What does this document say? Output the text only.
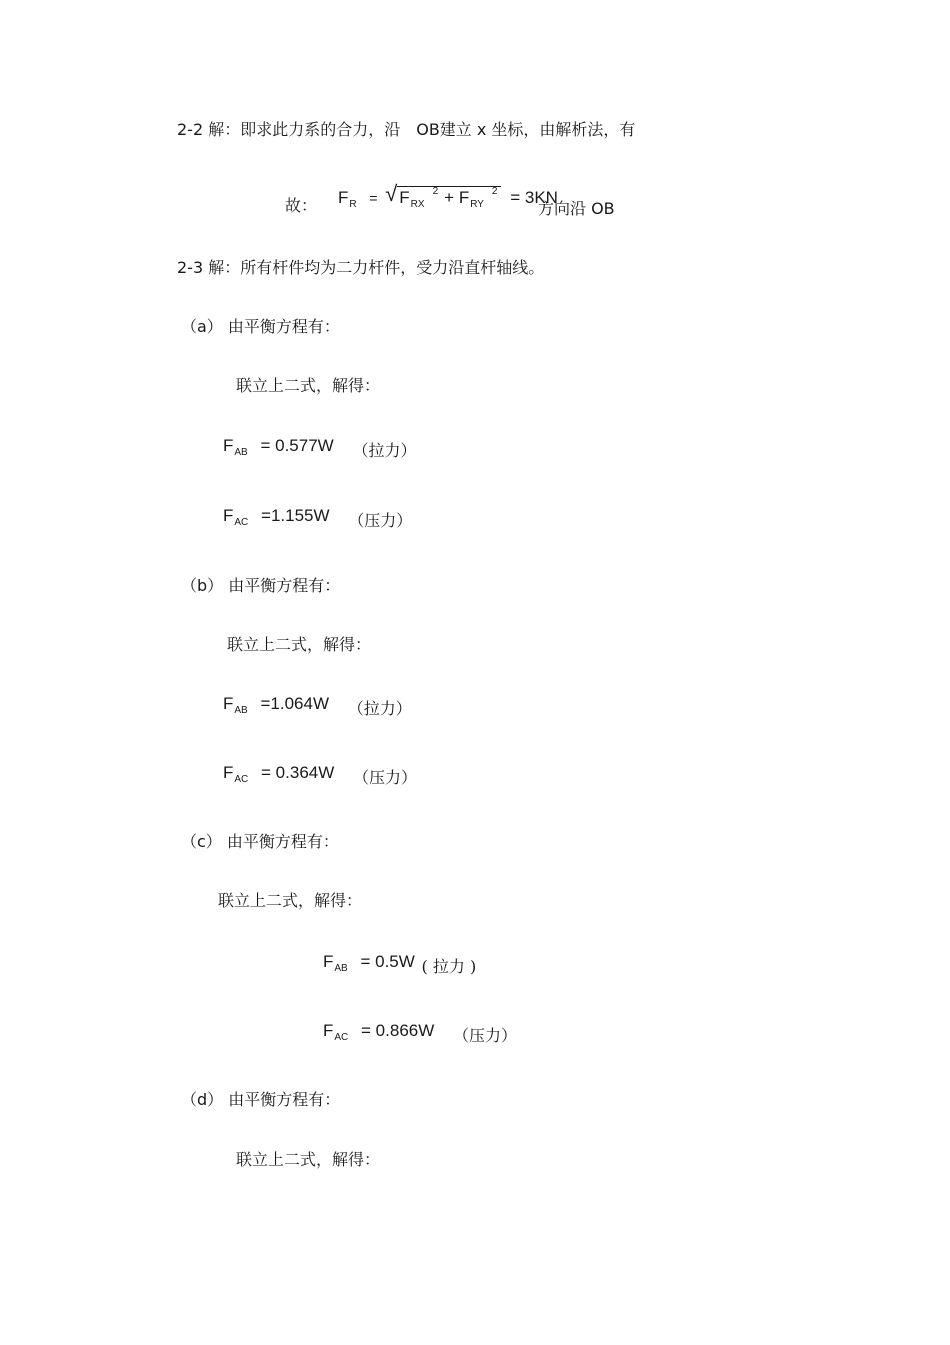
2-2 解：即求此力系的合力，沿　OB建立 x 坐标，由解析法，有
故： $F_R$ = √ $F_{RX}^2 + F_{RY}^2 = 3KN$
方向沿 OB
2-3 解：所有杆件均为二力杆件，受力沿直杆轴线。
（a） 由平衡方程有：
联立上二式，解得：
$F_{AB} = 0.577W$ （拉力）
$F_{AC} =1.155W$ （压力）
（b） 由平衡方程有：
联立上二式，解得：
$F_{AB} =1.064W$ （拉力）
$F_{AC} = 0.364W$ （压力）
（c） 由平衡方程有：
联立上二式，解得：
$F_{AB} = 0.5W$ ( 拉力 )
$F_{AC} = 0.866W$ （压力）
（d） 由平衡方程有：
联立上二式，解得：
